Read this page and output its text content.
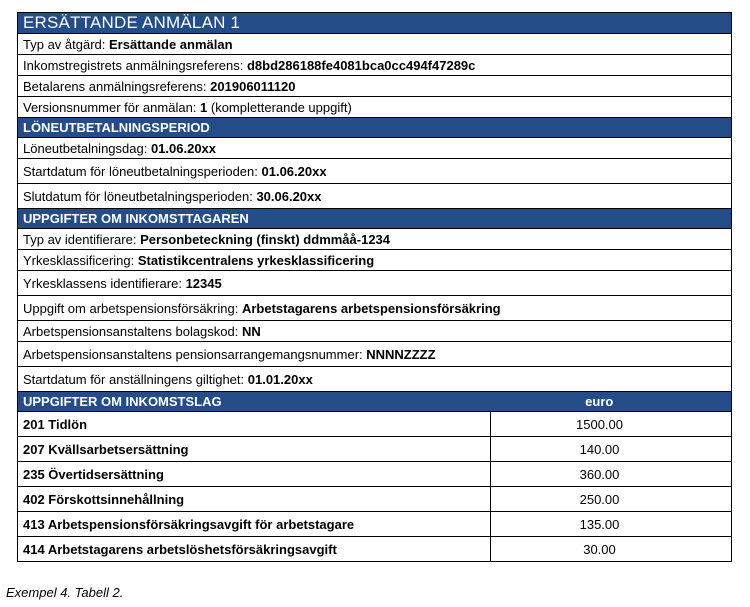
ERSÄTTANDE ANMÄLAN 1	
Typ av åtgärd: Ersättande anmälan	
Inkomstregistrets anmälningsreferens: d8bd286188fe4081bca0cc494f47289c	
Betalarens anmälningsreferens: 201906011120	
Versionsnummer för anmälan: 1 (kompletterande uppgift)	
LÖNEUTBETALNINGSPERIOD	
Löneutbetalningsdag: 01.06.20xx	
Startdatum för löneutbetalningsperioden: 01.06.20xx	
Slutdatum för löneutbetalningsperioden: 30.06.20xx	
UPPGIFTER OM INKOMSTTAGAREN	
Typ av identifierare: Personbeteckning (finskt) ddmmåå-1234	
Yrkesklassificering: Statistikcentralens yrkesklassificering	
Yrkesklassens identifierare: 12345	
Uppgift om arbetspensionsförsäkring: Arbetstagarens arbetspensionsförsäkring	
Arbetspensionsanstaltens bolagskod: NN	
Arbetspensionsanstaltens pensionsarrangemangsnummer: NNNNZZZZ	
Startdatum för anställningens giltighet: 01.01.20xx	
UPPGIFTER OM INKOMSTSLAG	euro
201 Tidlön	1500.00
207 Kvällsarbetsersättning	140.00
235 Övertidsersättning	360.00
402 Förskottsinnehållning	250.00
413 Arbetspensionsförsäkringsavgift för arbetstagare	135.00
414 Arbetstagarens arbetslöshetsförsäkringsavgift	30.00
Exempel 4. Tabell 2.
